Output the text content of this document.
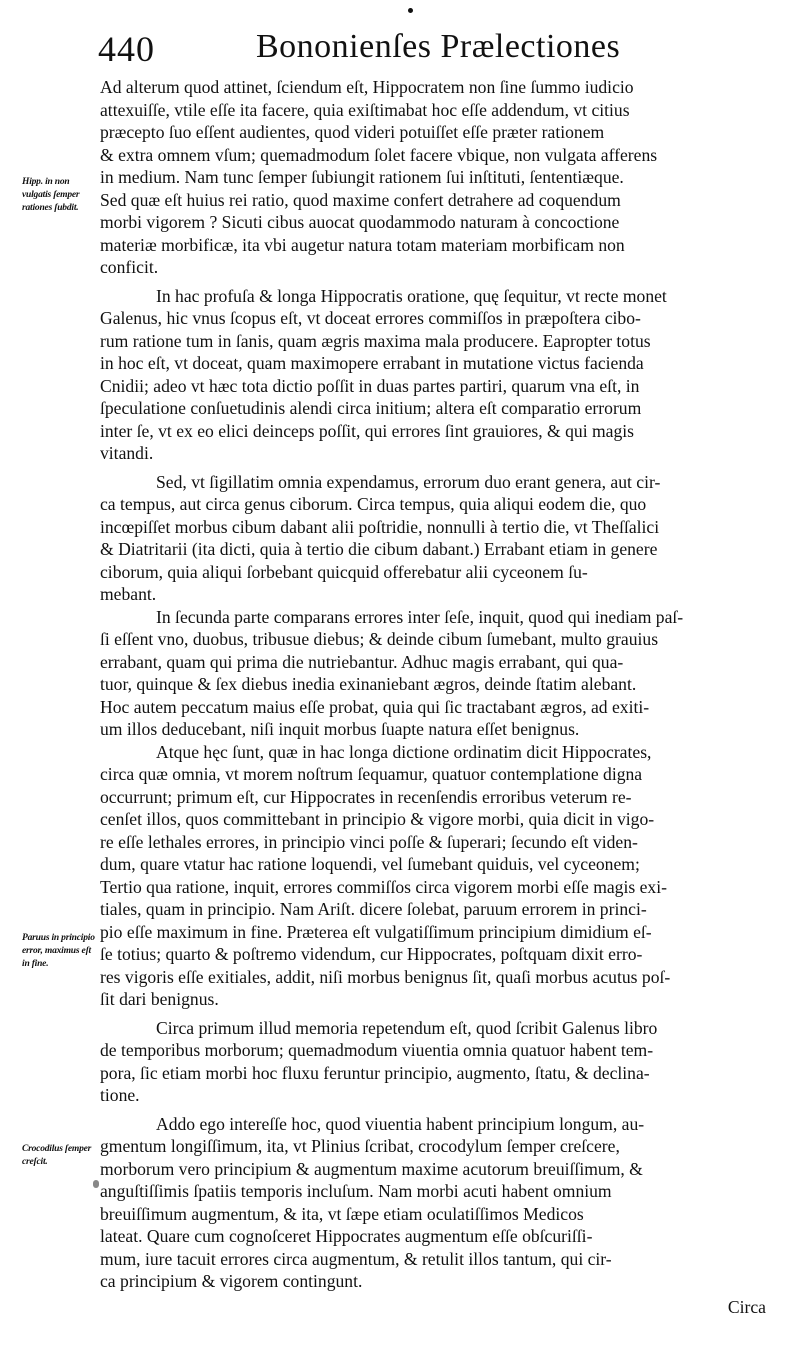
440	Bononienſes Prælectiones
Hipp. in non vulgatis ſemper rationes ſubdit.
Paruus in principio error, maximus eſt in fine.
Crocodilus ſemper creſcit.
Ad alterum quod attinet, ſciendum eſt, Hippocratem non ſine ſummo iudicio
attexuiſſe, vtile eſſe ita facere, quia exiſtimabat hoc eſſe addendum, vt citius
præcepto ſuo eſſent audientes, quod videri potuiſſet eſſe præter rationem
& extra omnem vſum; quemadmodum ſolet facere vbique, non vulgata afferens
in medium. Nam tunc ſemper ſubiungit rationem ſui inſtituti, ſententiæque.
Sed quæ eſt huius rei ratio, quod maxime confert detrahere ad coquendum
morbi vigorem ? Sicuti cibus auocat quodammodo naturam à concoctione
materiæ morbificæ, ita vbi augetur natura totam materiam morbificam non
conficit.
In hac profuſa & longa Hippocratis oratione, quę ſequitur, vt recte monet
Galenus, hic vnus ſcopus eſt, vt doceat errores commiſſos in præpoſtera cibo-
rum ratione tum in ſanis, quam ægris maxima mala producere. Eapropter totus
in hoc eſt, vt doceat, quam maximopere errabant in mutatione victus facienda
Cnidii; adeo vt hæc tota dictio poſſit in duas partes partiri, quarum vna eſt, in
ſpeculatione conſuetudinis alendi circa initium; altera eſt comparatio errorum
inter ſe, vt ex eo elici deinceps poſſit, qui errores ſint grauiores, & qui magis
vitandi.
Sed, vt ſigillatim omnia expendamus, errorum duo erant genera, aut cir-
ca tempus, aut circa genus ciborum. Circa tempus, quia aliqui eodem die, quo
incœpiſſet morbus cibum dabant alii poſtridie, nonnulli à tertio die, vt Theſſalici
& Diatritarii (ita dicti, quia à tertio die cibum dabant.) Errabant etiam in genere
ciborum, quia aliqui ſorbebant quicquid offerebatur alii cyceonem ſu-
mebant.
In ſecunda parte comparans errores inter ſeſe, inquit, quod qui inediam paſ-
ſi eſſent vno, duobus, tribusue diebus; & deinde cibum ſumebant, multo grauius
errabant, quam qui prima die nutriebantur. Adhuc magis errabant, qui qua-
tuor, quinque & ſex diebus inedia exinaniebant ægros, deinde ſtatim alebant.
Hoc autem peccatum maius eſſe probat, quia qui ſic tractabant ægros, ad exiti-
um illos deducebant, niſi inquit morbus ſuapte natura eſſet benignus.
Atque hęc ſunt, quæ in hac longa dictione ordinatim dicit Hippocrates,
circa quæ omnia, vt morem noſtrum ſequamur, quatuor contemplatione digna
occurrunt; primum eſt, cur Hippocrates in recenſendis erroribus veterum re-
cenſet illos, quos committebant in principio & vigore morbi, quia dicit in vigo-
re eſſe lethales errores, in principio vinci poſſe & ſuperari; ſecundo eſt viden-
dum, quare vtatur hac ratione loquendi, vel ſumebant quiduis, vel cyceonem;
Tertio qua ratione, inquit, errores commiſſos circa vigorem morbi eſſe magis exi-
tiales, quam in principio. Nam Ariſt. dicere ſolebat, paruum errorem in princi-
pio eſſe maximum in fine. Præterea eſt vulgatiſſimum principium dimidium eſ-
ſe totius; quarto & poſtremo videndum, cur Hippocrates, poſtquam dixit erro-
res vigoris eſſe exitiales, addit, niſi morbus benignus ſit, quaſi morbus acutus poſ-
ſit dari benignus.
Circa primum illud memoria repetendum eſt, quod ſcribit Galenus libro
de temporibus morborum; quemadmodum viuentia omnia quatuor habent tem-
pora, ſic etiam morbi hoc fluxu feruntur principio, augmento, ſtatu, & declina-
tione.
Addo ego intereſſe hoc, quod viuentia habent principium longum, au-
gmentum longiſſimum, ita, vt Plinius ſcribat, crocodylum ſemper creſcere,
morborum vero principium & augmentum maxime acutorum breuiſſimum, &
anguſtiſſimis ſpatiis temporis incluſum. Nam morbi acuti habent omnium
breuiſſimum augmentum, & ita, vt ſæpe etiam oculatiſſimos Medicos
lateat. Quare cum cognoſceret Hippocrates augmentum eſſe obſcuriſſi-
mum, iure tacuit errores circa augmentum, & retulit illos tantum, qui cir-
ca principium & vigorem contingunt.
Circa
